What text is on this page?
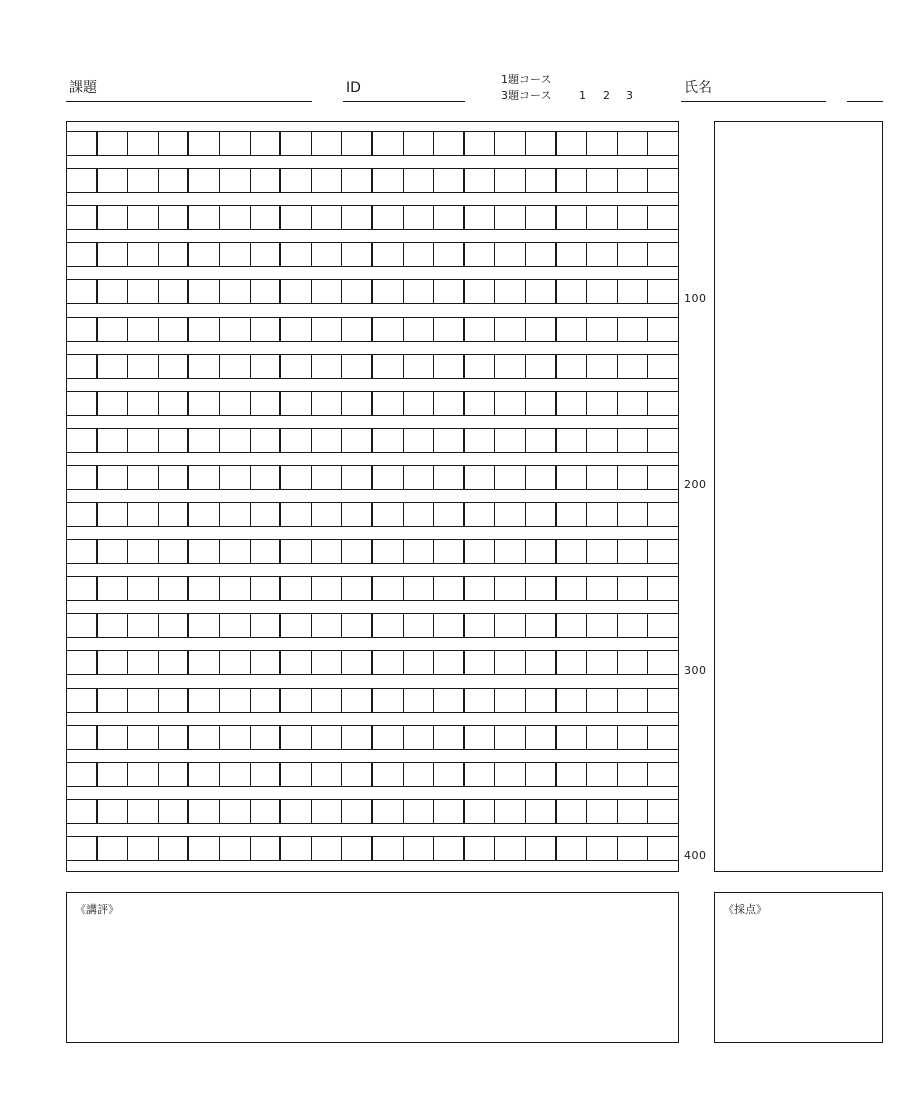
課題	ID
1題コース
3題コース	1 2 3	氏名
100
200
300
400
《講評》	《採点》
